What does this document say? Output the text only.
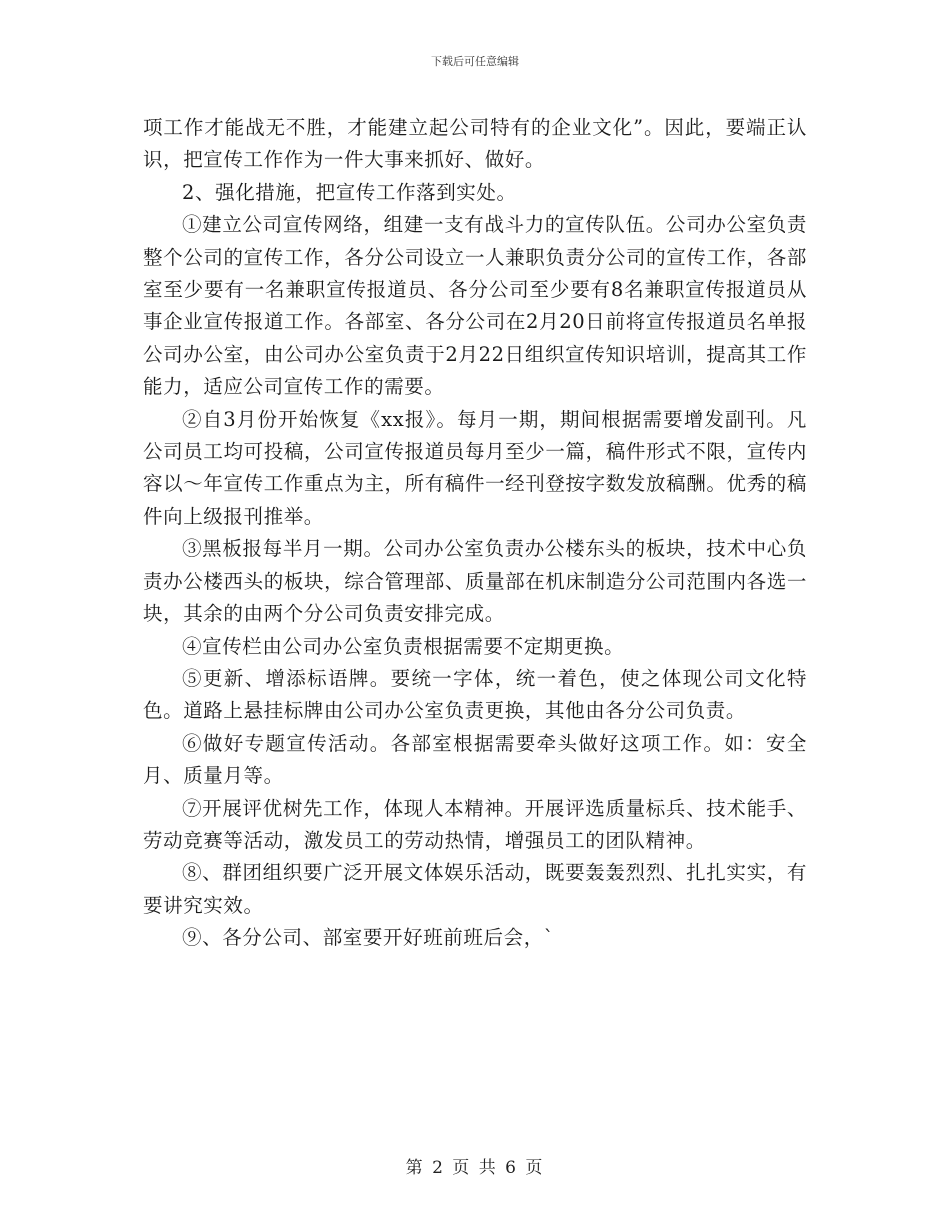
下载后可任意编辑

项工作才能战无不胜，才能建立起公司特有的企业文化”。因此，要端正认识，把宣传工作作为一件大事来抓好、做好。

2、强化措施，把宣传工作落到实处。

①建立公司宣传网络，组建一支有战斗力的宣传队伍。公司办公室负责整个公司的宣传工作，各分公司设立一人兼职负责分公司的宣传工作，各部室至少要有一名兼职宣传报道员、各分公司至少要有8名兼职宣传报道员从事企业宣传报道工作。各部室、各分公司在2月20日前将宣传报道员名单报公司办公室，由公司办公室负责于2月22日组织宣传知识培训，提高其工作能力，适应公司宣传工作的需要。

②自3月份开始恢复《xx报》。每月一期，期间根据需要增发副刊。凡公司员工均可投稿，公司宣传报道员每月至少一篇，稿件形式不限，宣传内容以～年宣传工作重点为主，所有稿件一经刊登按字数发放稿酬。优秀的稿件向上级报刊推举。

③黑板报每半月一期。公司办公室负责办公楼东头的板块，技术中心负责办公楼西头的板块，综合管理部、质量部在机床制造分公司范围内各选一块，其余的由两个分公司负责安排完成。

④宣传栏由公司办公室负责根据需要不定期更换。

⑤更新、增添标语牌。要统一字体，统一着色，使之体现公司文化特色。道路上悬挂标牌由公司办公室负责更换，其他由各分公司负责。

⑥做好专题宣传活动。各部室根据需要牵头做好这项工作。如：安全月、质量月等。

⑦开展评优树先工作，体现人本精神。开展评选质量标兵、技术能手、劳动竞赛等活动，激发员工的劳动热情，增强员工的团队精神。

⑧、群团组织要广泛开展文体娱乐活动，既要轰轰烈烈、扎扎实实，有要讲究实效。

⑨、各分公司、部室要开好班前班后会，`

第 2 页 共 6 页
